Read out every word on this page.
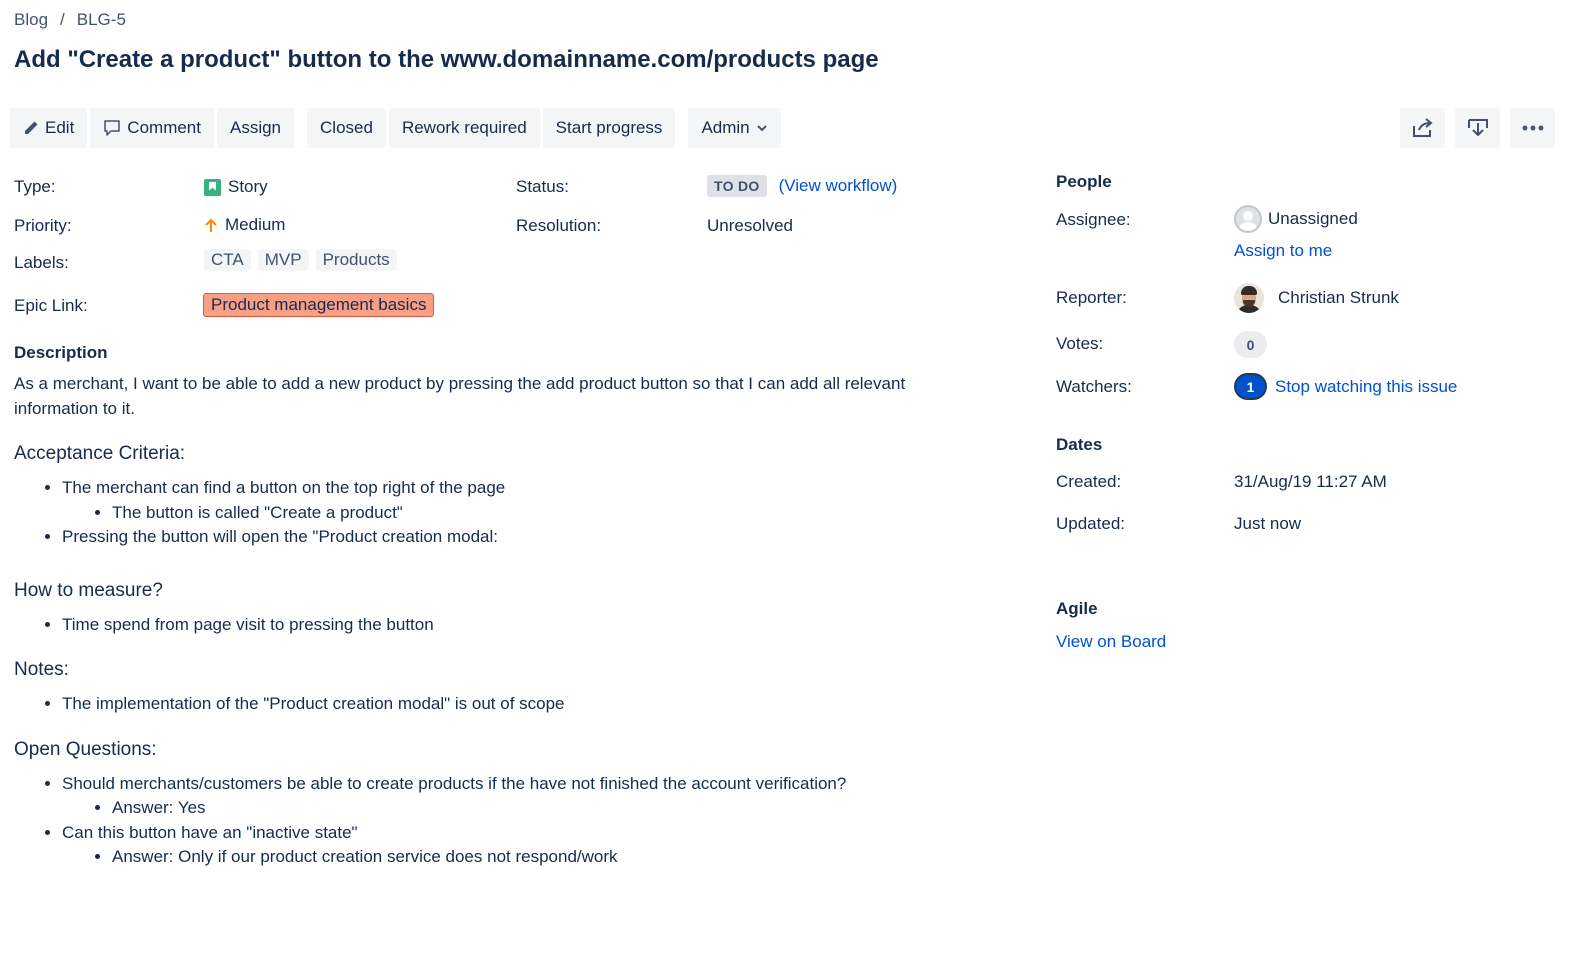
Blog / BLG-5
Add "Create a product" button to the www.domainname.com/products page
Edit	Comment	Assign	Closed	Rework required	Start progress	Admin
Type:	Story
Priority:	Medium
Labels:	CTA	MVP	Products
Epic Link:	Product management basics
Status:	TO DO	(View workflow)
Resolution:	Unresolved
Description

As a merchant, I want to be able to add a new product by pressing the add product button so that I can add all relevant information to it.

Acceptance Criteria:
• The merchant can find a button on the top right of the page
• The button is called "Create a product"
• Pressing the button will open the "Product creation modal:
How to measure?
• Time spend from page visit to pressing the button
Notes:
• The implementation of the "Product creation modal" is out of scope
Open Questions:
• Should merchants/customers be able to create products if the have not finished the account verification?
• Answer: Yes
• Can this button have an "inactive state"
• Answer: Only if our product creation service does not respond/work
People
Assignee:	Unassigned
Assign to me
Reporter:	Christian Strunk
Votes:	0
Watchers:	1	Stop watching this issue
Dates
Created:	31/Aug/19 11:27 AM
Updated:	Just now
Agile
View on Board
